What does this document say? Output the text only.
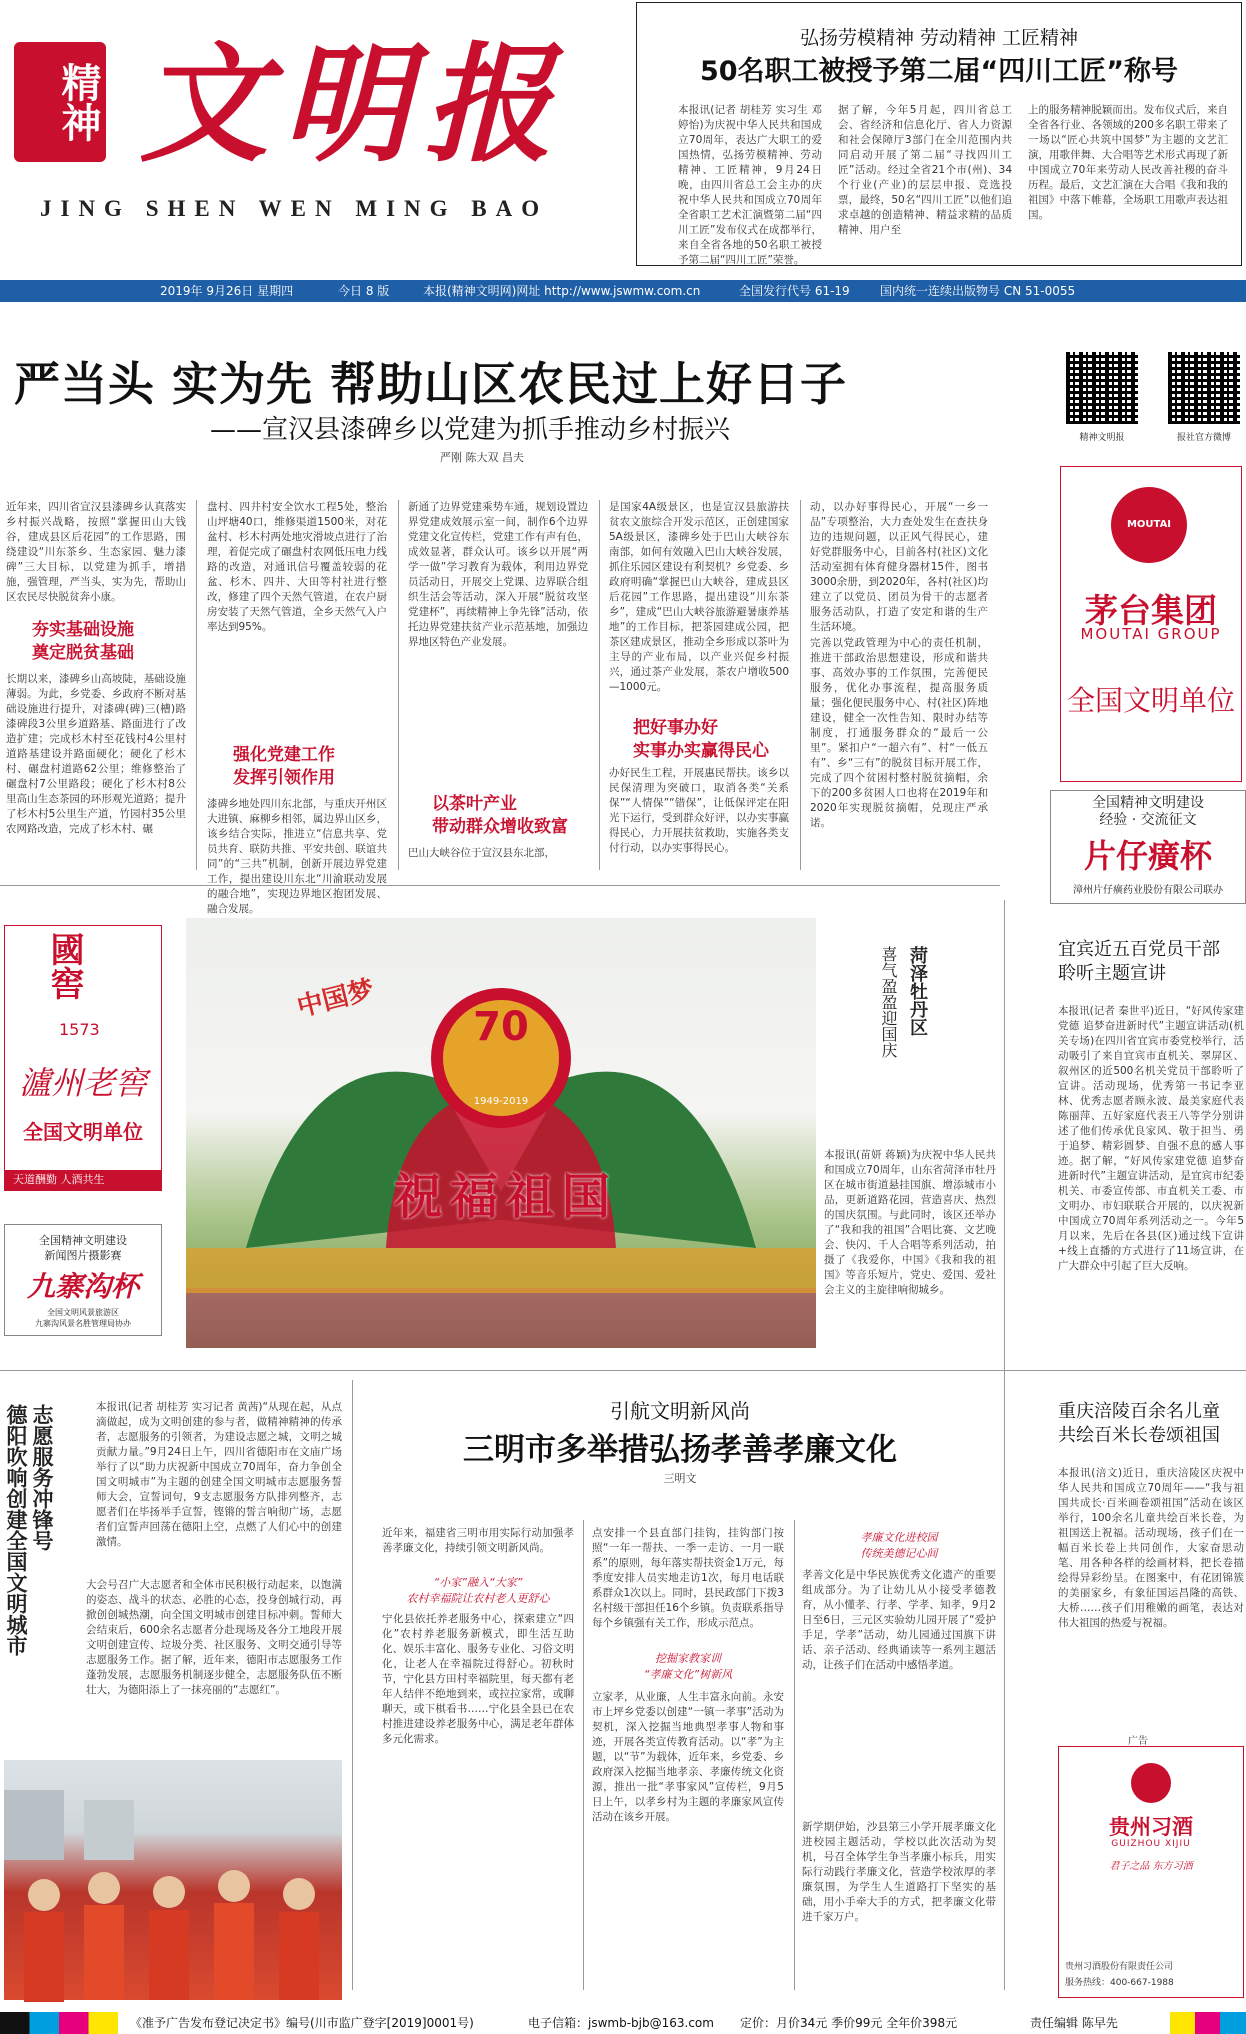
精神 文明报
JING SHEN WEN MING BAO
弘扬劳模精神 劳动精神 工匠精神
50名职工被授予第二届“四川工匠”称号
本报讯(记者 胡桂芳 实习生 邓婷怡)为庆祝中华人民共和国成立70周年，表达广大职工的爱国热情，弘扬劳模精神、劳动精神、工匠精神，9月24日晚，由四川省总工会主办的庆祝中华人民共和国成立70周年全省职工艺术汇演暨第二届“四川工匠”发布仪式在成都举行，来自全省各地的50名职工被授予第二届“四川工匠”荣誉。
据了解，今年5月起，四川省总工会、省经济和信息化厅、省人力资源和社会保障厅3部门在全川范围内共同启动开展了第二届“寻找四川工匠”活动。经过全省21个市(州)、34个行业(产业)的层层申报、竞选投票，最终，50名“四川工匠”以他们追求卓越的创造精神、精益求精的品质精神、用户至
上的服务精神脱颖而出。发布仪式后，来自全省各行业、各领域的200多名职工带来了一场以“匠心共筑中国梦”为主题的文艺汇演，用歌伴舞、大合唱等艺术形式再现了新中国成立70年来劳动人民改善社稷的奋斗历程。最后，文艺汇演在大合唱《我和我的祖国》中落下帷幕，全场职工用歌声表达祖国。
2019年 9月26日 星期四	今日 8 版	本报(精神文明网)网址 http://www.jswmw.com.cn	全国发行代号 61-19	国内统一连续出版物号 CN 51-0055
严当头 实为先 帮助山区农民过上好日子
——宣汉县漆碑乡以党建为抓手推动乡村振兴
严刚 陈大双 昌夫
近年来，四川省宣汉县漆碑乡认真落实乡村振兴战略，按照“掌握田山大钱谷，建成县区后花园”的工作思路，围绕建设“川东茶乡、生态家园、魅力漆碑”三大目标，以党建为抓手，增措施，强管理，严当头，实为先，帮助山区农民尽快脱贫奔小康。
夯实基础设施
奠定脱贫基础
长期以来，漆碑乡山高坡陡，基础设施薄弱。为此，乡党委、乡政府不断对基础设施进行提升，对漆碑(碑)三(槽)路漆碑段3公里乡道路基、路面进行了改造扩建；完成杉木村至花钱村4公里村道路基建设并路面硬化；硬化了杉木村、碾盘村道路62公里；维修整治了碾盘村7公里路段；硬化了杉木村8公里高山生态茶园的环形观光道路；提升了杉木村5公里生产道，竹园村35公里农网路改造，完成了杉木村、碾
盘村、四井村安全饮水工程5处，整治山坪塘40口，维修渠道1500米，对花盆村、杉木村两处地灾滑坡点进行了治理，着促完成了碾盘村农网低压电力线路的改造，对通讯信号覆盖较弱的花盆、杉木、四井、大田等村社进行整改，修建了四个天然气管道，在农户厨房安装了天然气管道，全乡天然气入户率达到95%。
强化党建工作
发挥引领作用
漆碑乡地处四川东北部，与重庆开州区大进镇、麻柳乡相邻，属边界山区乡，该乡结合实际，推进立“信息共享、党员共育、联防共推、平安共创、联谊共同”的“三共”机制，创新开展边界党建工作，提出建设川东北“川渝联动发展的融合地”，实现边界地区抱团发展、融合发展。
新通了边界党建乘势车通，规划设置边界党建成效展示室一间，制作6个边界党建文化宣传栏，党建工作有声有色，成效显著，群众认可。该乡以开展“两学一做”学习教育为载体，利用边界党员活动日，开展交上党课、边界联合组织生活会等活动，深入开展“脱贫攻坚党建杯”，再续精神上争先锋”活动，依托边界党建扶贫产业示范基地，加强边界地区特色产业发展。
以茶叶产业
带动群众增收致富
巴山大峡谷位于宣汉县东北部，
是国家4A级景区，也是宣汉县旅游扶贫农文旅综合开发示范区，正创建国家5A级景区，漆碑乡处于巴山大峡谷东南部，如何有效融入巴山大峡谷发展，抓住乐园区建设有利契机？乡党委、乡政府明确“掌握巴山大峡谷，建成县区后花园”工作思路，提出建设“川东茶乡”，建成“巴山大峡谷旅游避暑康养基地”的工作目标，把茶园建成公园，把茶区建成景区，推动全乡形成以茶叶为主导的产业布局，以产业兴促乡村振兴，通过茶产业发展，茶农户增收500—1000元。
把好事办好
实事办实赢得民心
办好民生工程，开展惠民帮扶。该乡以民保清理为突破口，取消各类“关系保”“人情保”“错保”，让低保评定在阳光下运行，受到群众好评，以办实事赢得民心，力开展扶贫救助，实施各类支付行动，以办实事得民心。
动，以办好事得民心，开展“一乡一品”专项整治，大力查处发生在查扶身边的违规问题，以正风气得民心，建好党群服务中心，目前各村(社区)文化活动室拥有体育健身器材15件，图书3000余册，到2020年，各村(社区)均建立了以党员、团员为骨干的志愿者服务活动队，打造了安定和谐的生产生活环境。
完善以党政管理为中心的责任机制，推进干部政治思想建设，形成和谐共事、高效办事的工作氛围，完善便民服务，优化办事流程，提高服务质量；强化便民服务中心、村(社区)阵地建设，健全一次性告知、限时办结等制度，打通服务群众的“最后一公里”。紧扣户“一超六有”、村“一低五有”、乡“三有”的脱贫目标开展工作，完成了四个贫困村整村脱贫摘帽，余下的200多贫困人口也将在2019年和2020年实现脱贫摘帽，兑现庄严承诺。
精神文明报	报社官方微博
MOUTAI
茅台集团
MOUTAI GROUP
全国文明单位
全国精神文明建设
经验 · 交流征文
片仔癀杯
漳州片仔癀药业股份有限公司联办
國窖
1573
瀘州老窖
全国文明单位
天道酬勤 人酒共生
全国精神文明建设
新闻图片摄影赛
九寨沟杯
全国文明风景旅游区
九寨沟风景名胜管理局协办
中国梦
70
1949-2019
祝福祖国
菏泽牡丹区
喜气盈盈迎国庆
本报讯(苗妍 蒋颖)为庆祝中华人民共和国成立70周年，山东省菏泽市牡丹区在城市街道悬挂国旗、增添城市小品，更新道路花园，营造喜庆、热烈的国庆氛围。与此同时，该区还举办了“我和我的祖国”合唱比赛、文艺晚会、快闪、千人合唱等系列活动，拍摄了《我爱你，中国》《我和我的祖国》等音乐短片，党史、爱国、爱社会主义的主旋律响彻城乡。
宜宾近五百党员干部
聆听主题宣讲
本报讯(记者 秦世平)近日，“好风传家建党德 追梦奋进新时代”主题宣讲活动(机关专场)在四川省宜宾市委党校举行，活动吸引了来自宜宾市直机关、翠屏区、叙州区的近500名机关党员干部聆听了宣讲。活动现场，优秀第一书记李亚林、优秀志愿者顾永波、最美家庭代表陈丽萍、五好家庭代表王八等学分别讲述了他们传承优良家风、敬于担当、勇于追梦、精彩圆梦、自强不息的感人事迹。据了解，“好风传家建党德 追梦奋进新时代”主题宣讲活动，是宜宾市纪委机关、市委宣传部、市直机关工委、市文明办、市妇联联合开展的，以庆祝新中国成立70周年系列活动之一。今年5月以来，先后在各县(区)通过线下宣讲+线上直播的方式进行了11场宣讲，在广大群众中引起了巨大反响。
德阳吹响创建全国文明城市 志愿服务冲锋号	本报讯(记者 胡桂芳 实习记者 黄茜)“从现在起，从点滴做起，成为文明创建的参与者，做精神精神的传承者，志愿服务的引领者，为建设志愿之城，文明之城贡献力量。”9月24日上午，四川省德阳市在文庙广场举行了以“助力庆祝新中国成立70周年，奋力争创全国文明城市”为主题的创建全国文明城市志愿服务誓师大会，宣誓词句，9支志愿服务方队排列整齐，志愿者们在毕扬举手宣誓，铿锵的誓言响彻广场，志愿者们宣誓声回荡在德阳上空，点燃了人们心中的创建激情。
大会号召广大志愿者和全体市民积极行动起来，以饱满的姿态、战斗的状态、必胜的心态，投身创城行动，再掀创创城热潮，向全国文明城市创建目标冲刺。誓师大会结束后，600余名志愿者分赴现场及各分工地段开展文明创建宣传、垃圾分类、社区服务、文明交通引导等志愿服务工作。据了解，近年来，德阳市志愿服务工作蓬勃发展，志愿服务机制逐步健全，志愿服务队伍不断壮大，为德阳添上了一抹亮丽的“志愿红”。
引航文明新风尚
三明市多举措弘扬孝善孝廉文化
三明文
近年来，福建省三明市用实际行动加强孝善孝廉文化，持续引领文明新风尚。
“小家”融入“大家”
农村幸福院让农村老人更舒心
宁化县依托养老服务中心，探索建立“四化”农村养老服务新模式，即生活互助化、娱乐丰富化、服务专业化、习俗文明化，让老人在幸福院过得舒心。初秋时节，宁化县方田村幸福院里，每天都有老年人结伴不绝地到来，或拉拉家常，或聊聊天，或下棋看书……宁化县全县已在农村推进建设养老服务中心，满足老年群体多元化需求。
点安排一个县直部门挂钩，挂钩部门按照“一年一帮扶、一季一走访、一月一联系”的原则，每年落实帮扶资金1万元，每季度安排人员实地走访1次，每月电话联系群众1次以上。同时，县民政部门下拨3名村级干部担任16个乡镇。负责联系指导每个乡镇强有关工作，形成示范点。
挖掘家教家训
“孝廉文化”树新风
立家孝，从业廉，人生丰富永向前。永安市上坪乡党委以创建“一镇一孝事”活动为契机，深入挖掘当地典型孝事人物和事迹，开展各类宣传教育活动。以“孝”为主题，以“节”为载体，近年来，乡党委、乡政府深入挖掘当地孝亲、孝廉传统文化资源，推出一批“孝事家风”宣传栏，9月5日上午，以孝乡村为主题的孝廉家风宣传活动在该乡开展。
孝廉文化进校园
传统美德记心间
孝善文化是中华民族优秀文化遗产的重要组成部分。为了让幼儿从小接受孝德教育，从小懂孝、行孝、学孝、知孝，9月2日至6日，三元区实验幼儿园开展了“爱护手足，学孝”活动，幼儿园通过国旗下讲话、亲子活动、经典诵读等一系列主题活动，让孩子们在活动中感悟孝道。
新学期伊始，沙县第三小学开展孝廉文化进校园主题活动，学校以此次活动为契机，号召全体学生争当孝廉小标兵，用实际行动践行孝廉文化，营造学校浓厚的孝廉氛围，为学生人生道路打下坚实的基础，用小手牵大手的方式，把孝廉文化带进千家万户。
重庆涪陵百余名儿童
共绘百米长卷颂祖国
本报讯(涪文)近日，重庆涪陵区庆祝中华人民共和国成立70周年——“我与祖国共成长·百米画卷颂祖国”活动在该区举行，100余名儿童共绘百米长卷，为祖国送上祝福。活动现场，孩子们在一幅百米长卷上共同创作，大家奋思动笔、用各种各样的绘画材料，把长卷描绘得异彩纷呈。在图案中，有花团锦簇的美丽家乡，有象征国运昌隆的高铁、大桥……孩子们用稚嫩的画笔，表达对伟大祖国的热爱与祝福。
广告
贵州习酒
GUIZHOU XIJIU
君子之品 东方习酒
贵州习酒股份有限责任公司
服务热线：400-667-1988
《准予广告发布登记决定书》编号(川市监广登字[2019]0001号)	电子信箱：jswmb-bjb@163.com 定价：月价34元 季价99元 全年价398元	责任编辑 陈早先
